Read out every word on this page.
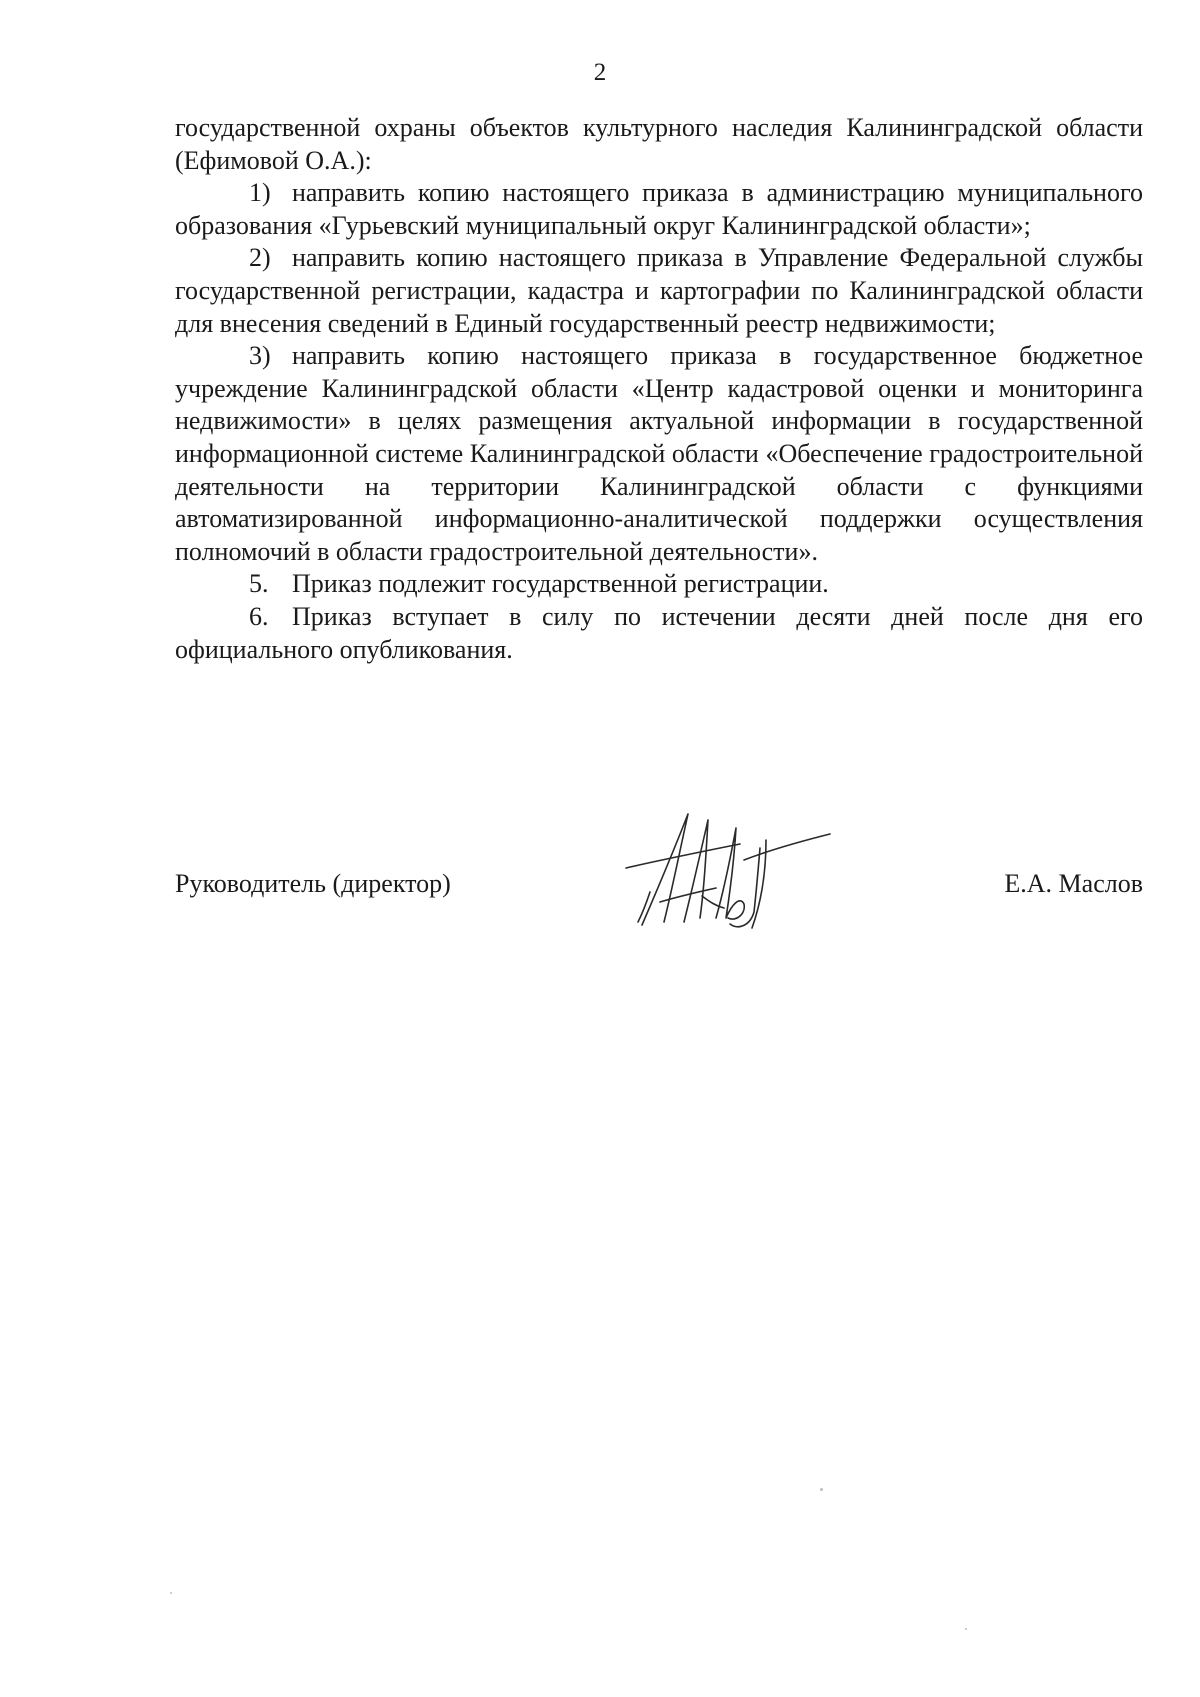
2

государственной охраны объектов культурного наследия Калининградской области (Ефимовой О.А.):

1) направить копию настоящего приказа в администрацию муниципального образования «Гурьевский муниципальный округ Калининградской области»;

2) направить копию настоящего приказа в Управление Федеральной службы государственной регистрации, кадастра и картографии по Калининградской области для внесения сведений в Единый государственный реестр недвижимости;

3) направить копию настоящего приказа в государственное бюджетное учреждение Калининградской области «Центр кадастровой оценки и мониторинга недвижимости» в целях размещения актуальной информации в государственной информационной системе Калининградской области «Обеспечение градостроительной деятельности на территории Калининградской области с функциями автоматизированной информационно-аналитической поддержки осуществления полномочий в области градостроительной деятельности».

5. Приказ подлежит государственной регистрации.

6. Приказ вступает в силу по истечении десяти дней после дня его официального опубликования.

Руководитель (директор)	Е.А. Маслов
